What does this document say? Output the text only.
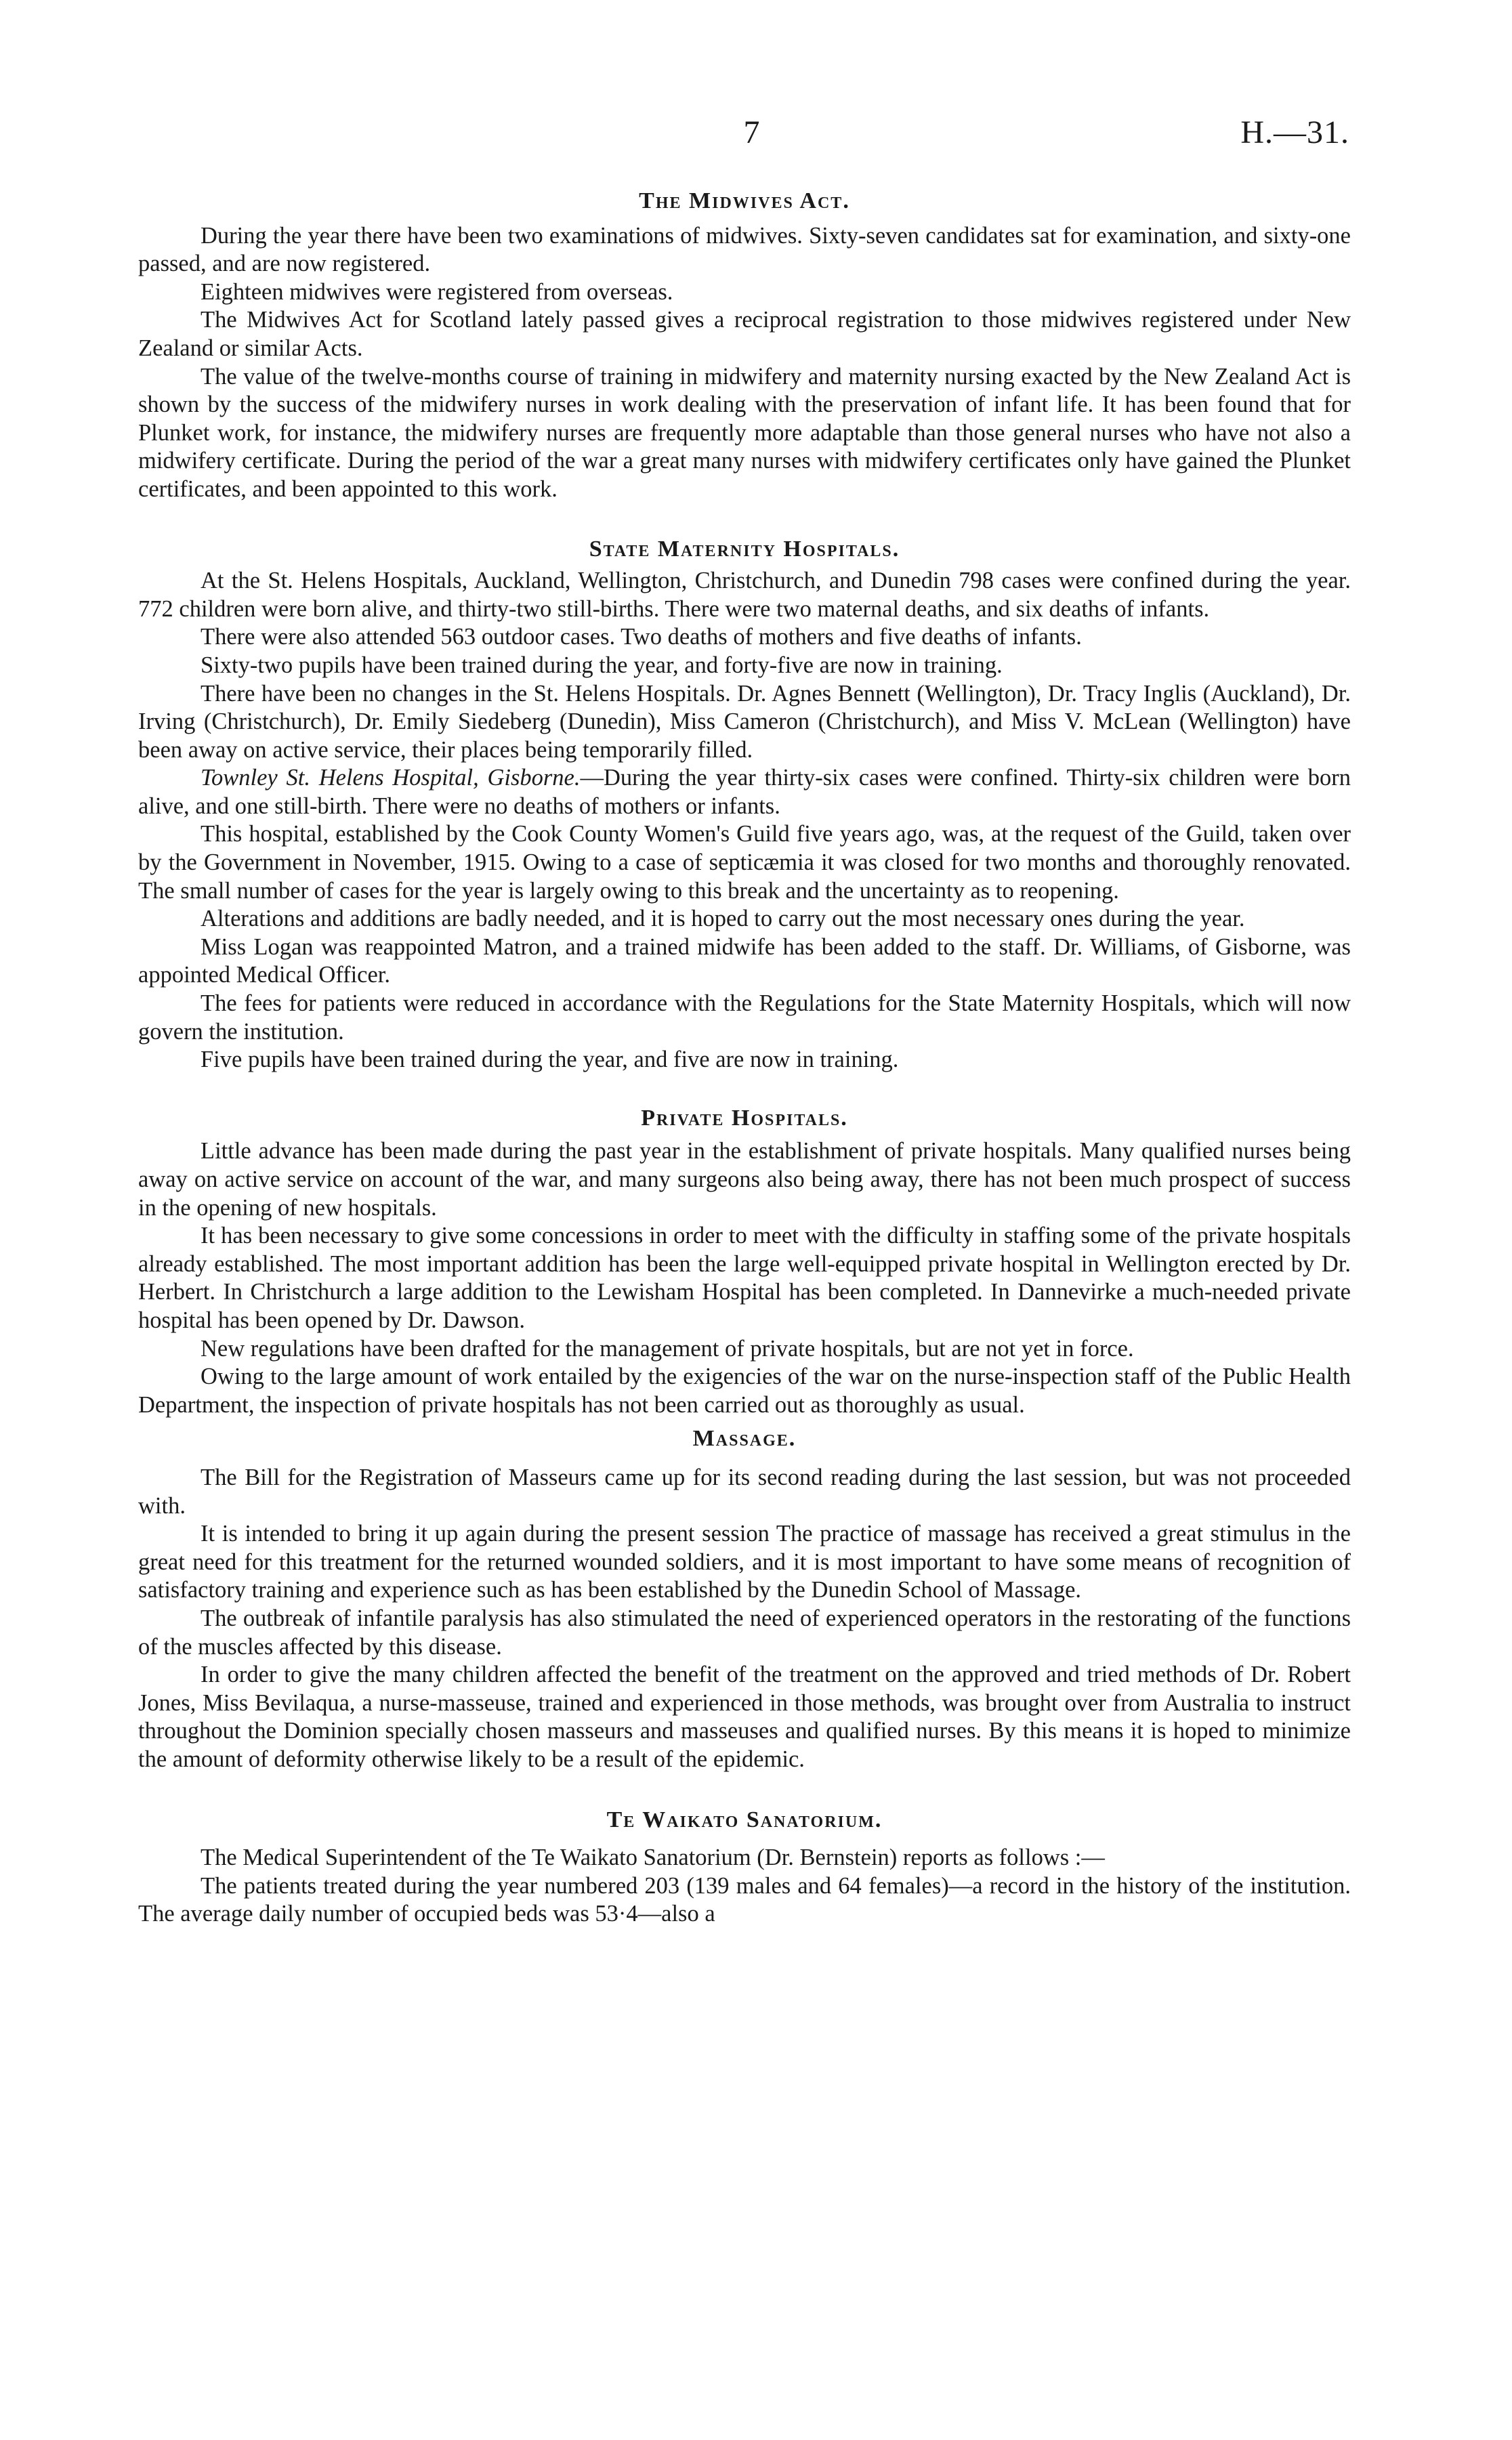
7	H.—31.
The Midwives Act.

During the year there have been two examinations of midwives. Sixty-seven candidates sat for examination, and sixty-one passed, and are now registered.

Eighteen midwives were registered from overseas.

The Midwives Act for Scotland lately passed gives a reciprocal registration to those midwives registered under New Zealand or similar Acts.

The value of the twelve-months course of training in midwifery and maternity nursing exacted by the New Zealand Act is shown by the success of the midwifery nurses in work dealing with the preservation of infant life. It has been found that for Plunket work, for instance, the midwifery nurses are frequently more adaptable than those general nurses who have not also a midwifery certificate. During the period of the war a great many nurses with midwifery certificates only have gained the Plunket certificates, and been appointed to this work.

State Maternity Hospitals.

At the St. Helens Hospitals, Auckland, Wellington, Christchurch, and Dunedin 798 cases were confined during the year. 772 children were born alive, and thirty-two still-births. There were two maternal deaths, and six deaths of infants.

There were also attended 563 outdoor cases. Two deaths of mothers and five deaths of infants.

Sixty-two pupils have been trained during the year, and forty-five are now in training.

There have been no changes in the St. Helens Hospitals. Dr. Agnes Bennett (Wellington), Dr. Tracy Inglis (Auckland), Dr. Irving (Christchurch), Dr. Emily Siedeberg (Dunedin), Miss Cameron (Christchurch), and Miss V. McLean (Wellington) have been away on active service, their places being temporarily filled.

Townley St. Helens Hospital, Gisborne.—During the year thirty-six cases were confined. Thirty-six children were born alive, and one still-birth. There were no deaths of mothers or infants.

This hospital, established by the Cook County Women's Guild five years ago, was, at the request of the Guild, taken over by the Government in November, 1915. Owing to a case of septicæmia it was closed for two months and thoroughly renovated. The small number of cases for the year is largely owing to this break and the uncertainty as to reopening.

Alterations and additions are badly needed, and it is hoped to carry out the most necessary ones during the year.

Miss Logan was reappointed Matron, and a trained midwife has been added to the staff. Dr. Williams, of Gisborne, was appointed Medical Officer.

The fees for patients were reduced in accordance with the Regulations for the State Maternity Hospitals, which will now govern the institution.

Five pupils have been trained during the year, and five are now in training.

Private Hospitals.

Little advance has been made during the past year in the establishment of private hospitals. Many qualified nurses being away on active service on account of the war, and many surgeons also being away, there has not been much prospect of success in the opening of new hospitals.

It has been necessary to give some concessions in order to meet with the difficulty in staffing some of the private hospitals already established. The most important addition has been the large well-equipped private hospital in Wellington erected by Dr. Herbert. In Christchurch a large addition to the Lewisham Hospital has been completed. In Dannevirke a much-needed private hospital has been opened by Dr. Dawson.

New regulations have been drafted for the management of private hospitals, but are not yet in force.

Owing to the large amount of work entailed by the exigencies of the war on the nurse-inspection staff of the Public Health Department, the inspection of private hospitals has not been carried out as thoroughly as usual.

Massage.

The Bill for the Registration of Masseurs came up for its second reading during the last session, but was not proceeded with.

It is intended to bring it up again during the present session The practice of massage has received a great stimulus in the great need for this treatment for the returned wounded soldiers, and it is most important to have some means of recognition of satisfactory training and experience such as has been established by the Dunedin School of Massage.

The outbreak of infantile paralysis has also stimulated the need of experienced operators in the restorating of the functions of the muscles affected by this disease.

In order to give the many children affected the benefit of the treatment on the approved and tried methods of Dr. Robert Jones, Miss Bevilaqua, a nurse-masseuse, trained and experienced in those methods, was brought over from Australia to instruct throughout the Dominion specially chosen masseurs and masseuses and qualified nurses. By this means it is hoped to minimize the amount of deformity otherwise likely to be a result of the epidemic.

Te Waikato Sanatorium.

The Medical Superintendent of the Te Waikato Sanatorium (Dr. Bernstein) reports as follows :—

The patients treated during the year numbered 203 (139 males and 64 females)—a record in the history of the institution. The average daily number of occupied beds was 53·4—also a
